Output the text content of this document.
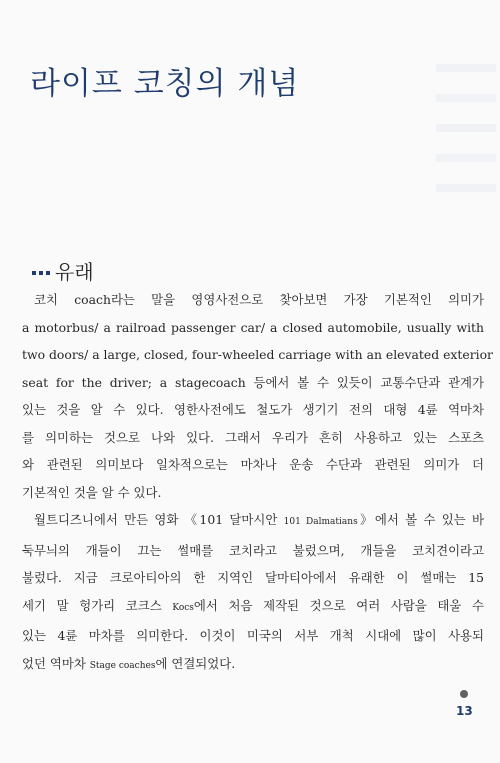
라이프 코칭의 개념
유래

코치 coach라는 말을 영영사전으로 찾아보면 가장 기본적인 의미가
a motorbus/ a railroad passenger car/ a closed automobile, usually with
two doors/ a large, closed, four-wheeled carriage with an elevated exterior
seat for the driver; a stagecoach 등에서 볼 수 있듯이 교통수단과 관계가
있는 것을 알 수 있다. 영한사전에도 철도가 생기기 전의 대형 4륜 역마차
를 의미하는 것으로 나와 있다. 그래서 우리가 흔히 사용하고 있는 스포츠
와 관련된 의미보다 일차적으로는 마차나 운송 수단과 관련된 의미가 더
기본적인 것을 알 수 있다.

월트디즈니에서 만든 영화 《101 달마시안 101 Dalmatians》에서 볼 수 있는 바
둑무늬의 개들이 끄는 썰매를 코치라고 불렀으며, 개들을 코치견이라고
불렀다. 지금 크로아티아의 한 지역인 달마티아에서 유래한 이 썰매는 15
세기 말 헝가리 코크스 Kocs에서 처음 제작된 것으로 여러 사람을 태울 수
있는 4륜 마차를 의미한다. 이것이 미국의 서부 개척 시대에 많이 사용되
었던 역마차 Stage coaches에 연결되었다.

13
